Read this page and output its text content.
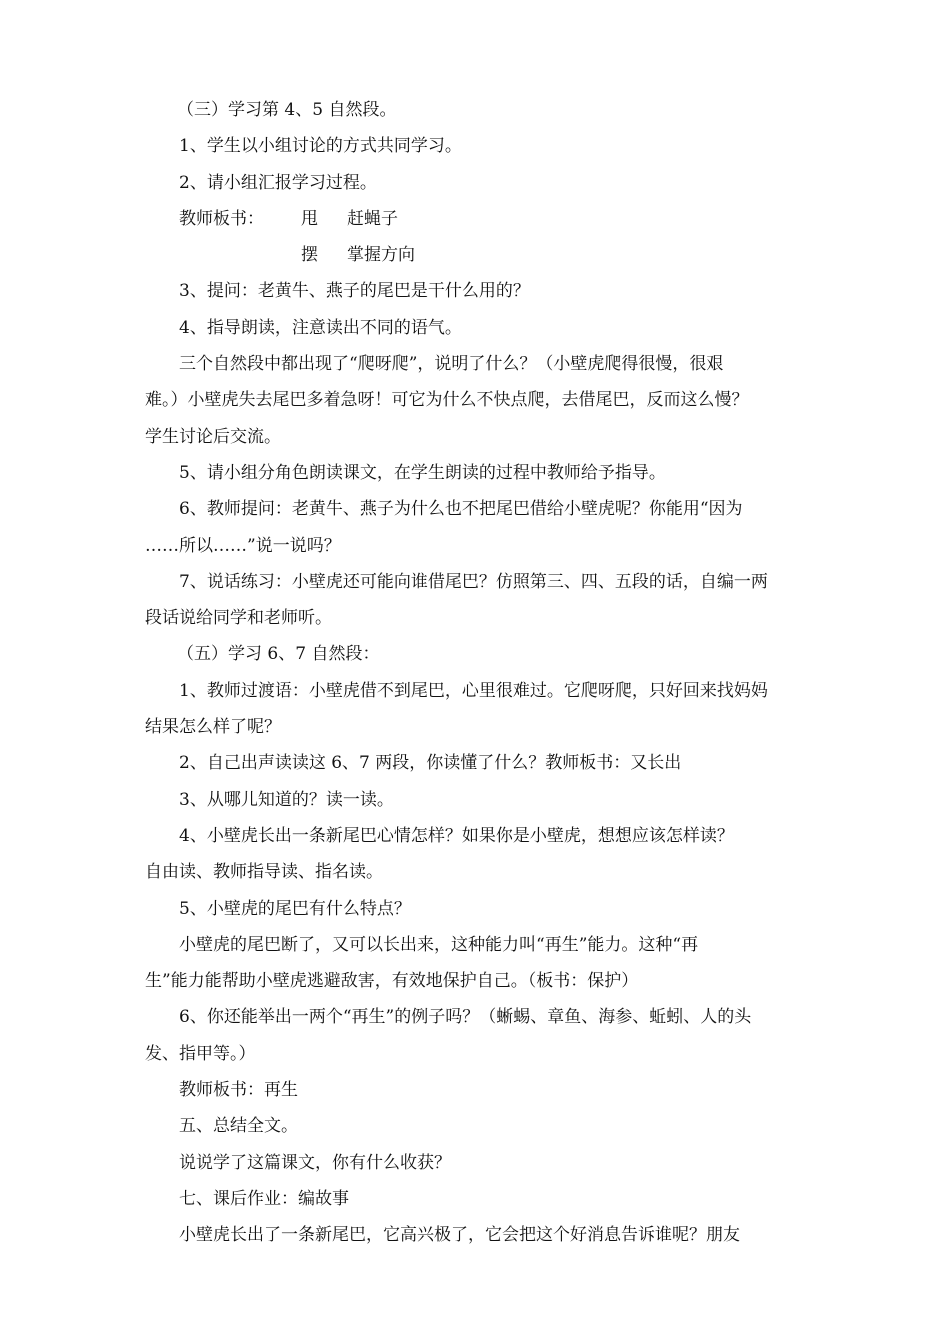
（三）学习第 4、5 自然段。

1、学生以小组讨论的方式共同学习。

2、请小组汇报学习过程。

教师板书：	甩	赶蝇子
摆	掌握方向

3、提问：老黄牛、燕子的尾巴是干什么用的？

4、指导朗读，注意读出不同的语气。

三个自然段中都出现了“爬呀爬”，说明了什么？（小壁虎爬得很慢，很艰

难。）小壁虎失去尾巴多着急呀！可它为什么不快点爬，去借尾巴，反而这么慢？

学生讨论后交流。

5、请小组分角色朗读课文，在学生朗读的过程中教师给予指导。

6、教师提问：老黄牛、燕子为什么也不把尾巴借给小壁虎呢？你能用“因为

……所以……”说一说吗？

7、说话练习：小壁虎还可能向谁借尾巴？仿照第三、四、五段的话，自编一两

段话说给同学和老师听。

（五）学习 6、7 自然段：

1、教师过渡语：小壁虎借不到尾巴，心里很难过。它爬呀爬，只好回来找妈妈

结果怎么样了呢？

2、自己出声读读这 6、7 两段，你读懂了什么？教师板书：又长出

3、从哪儿知道的？读一读。

4、小壁虎长出一条新尾巴心情怎样？如果你是小壁虎，想想应该怎样读？

自由读、教师指导读、指名读。

5、小壁虎的尾巴有什么特点？

小壁虎的尾巴断了，又可以长出来，这种能力叫“再生”能力。这种“再

生”能力能帮助小壁虎逃避敌害，有效地保护自己。（板书：保护）

6、你还能举出一两个“再生”的例子吗？（蜥蜴、章鱼、海参、蚯蚓、人的头

发、指甲等。）

教师板书：再生

五、总结全文。

说说学了这篇课文，你有什么收获？

七、课后作业：编故事

小壁虎长出了一条新尾巴，它高兴极了，它会把这个好消息告诉谁呢？朋友
